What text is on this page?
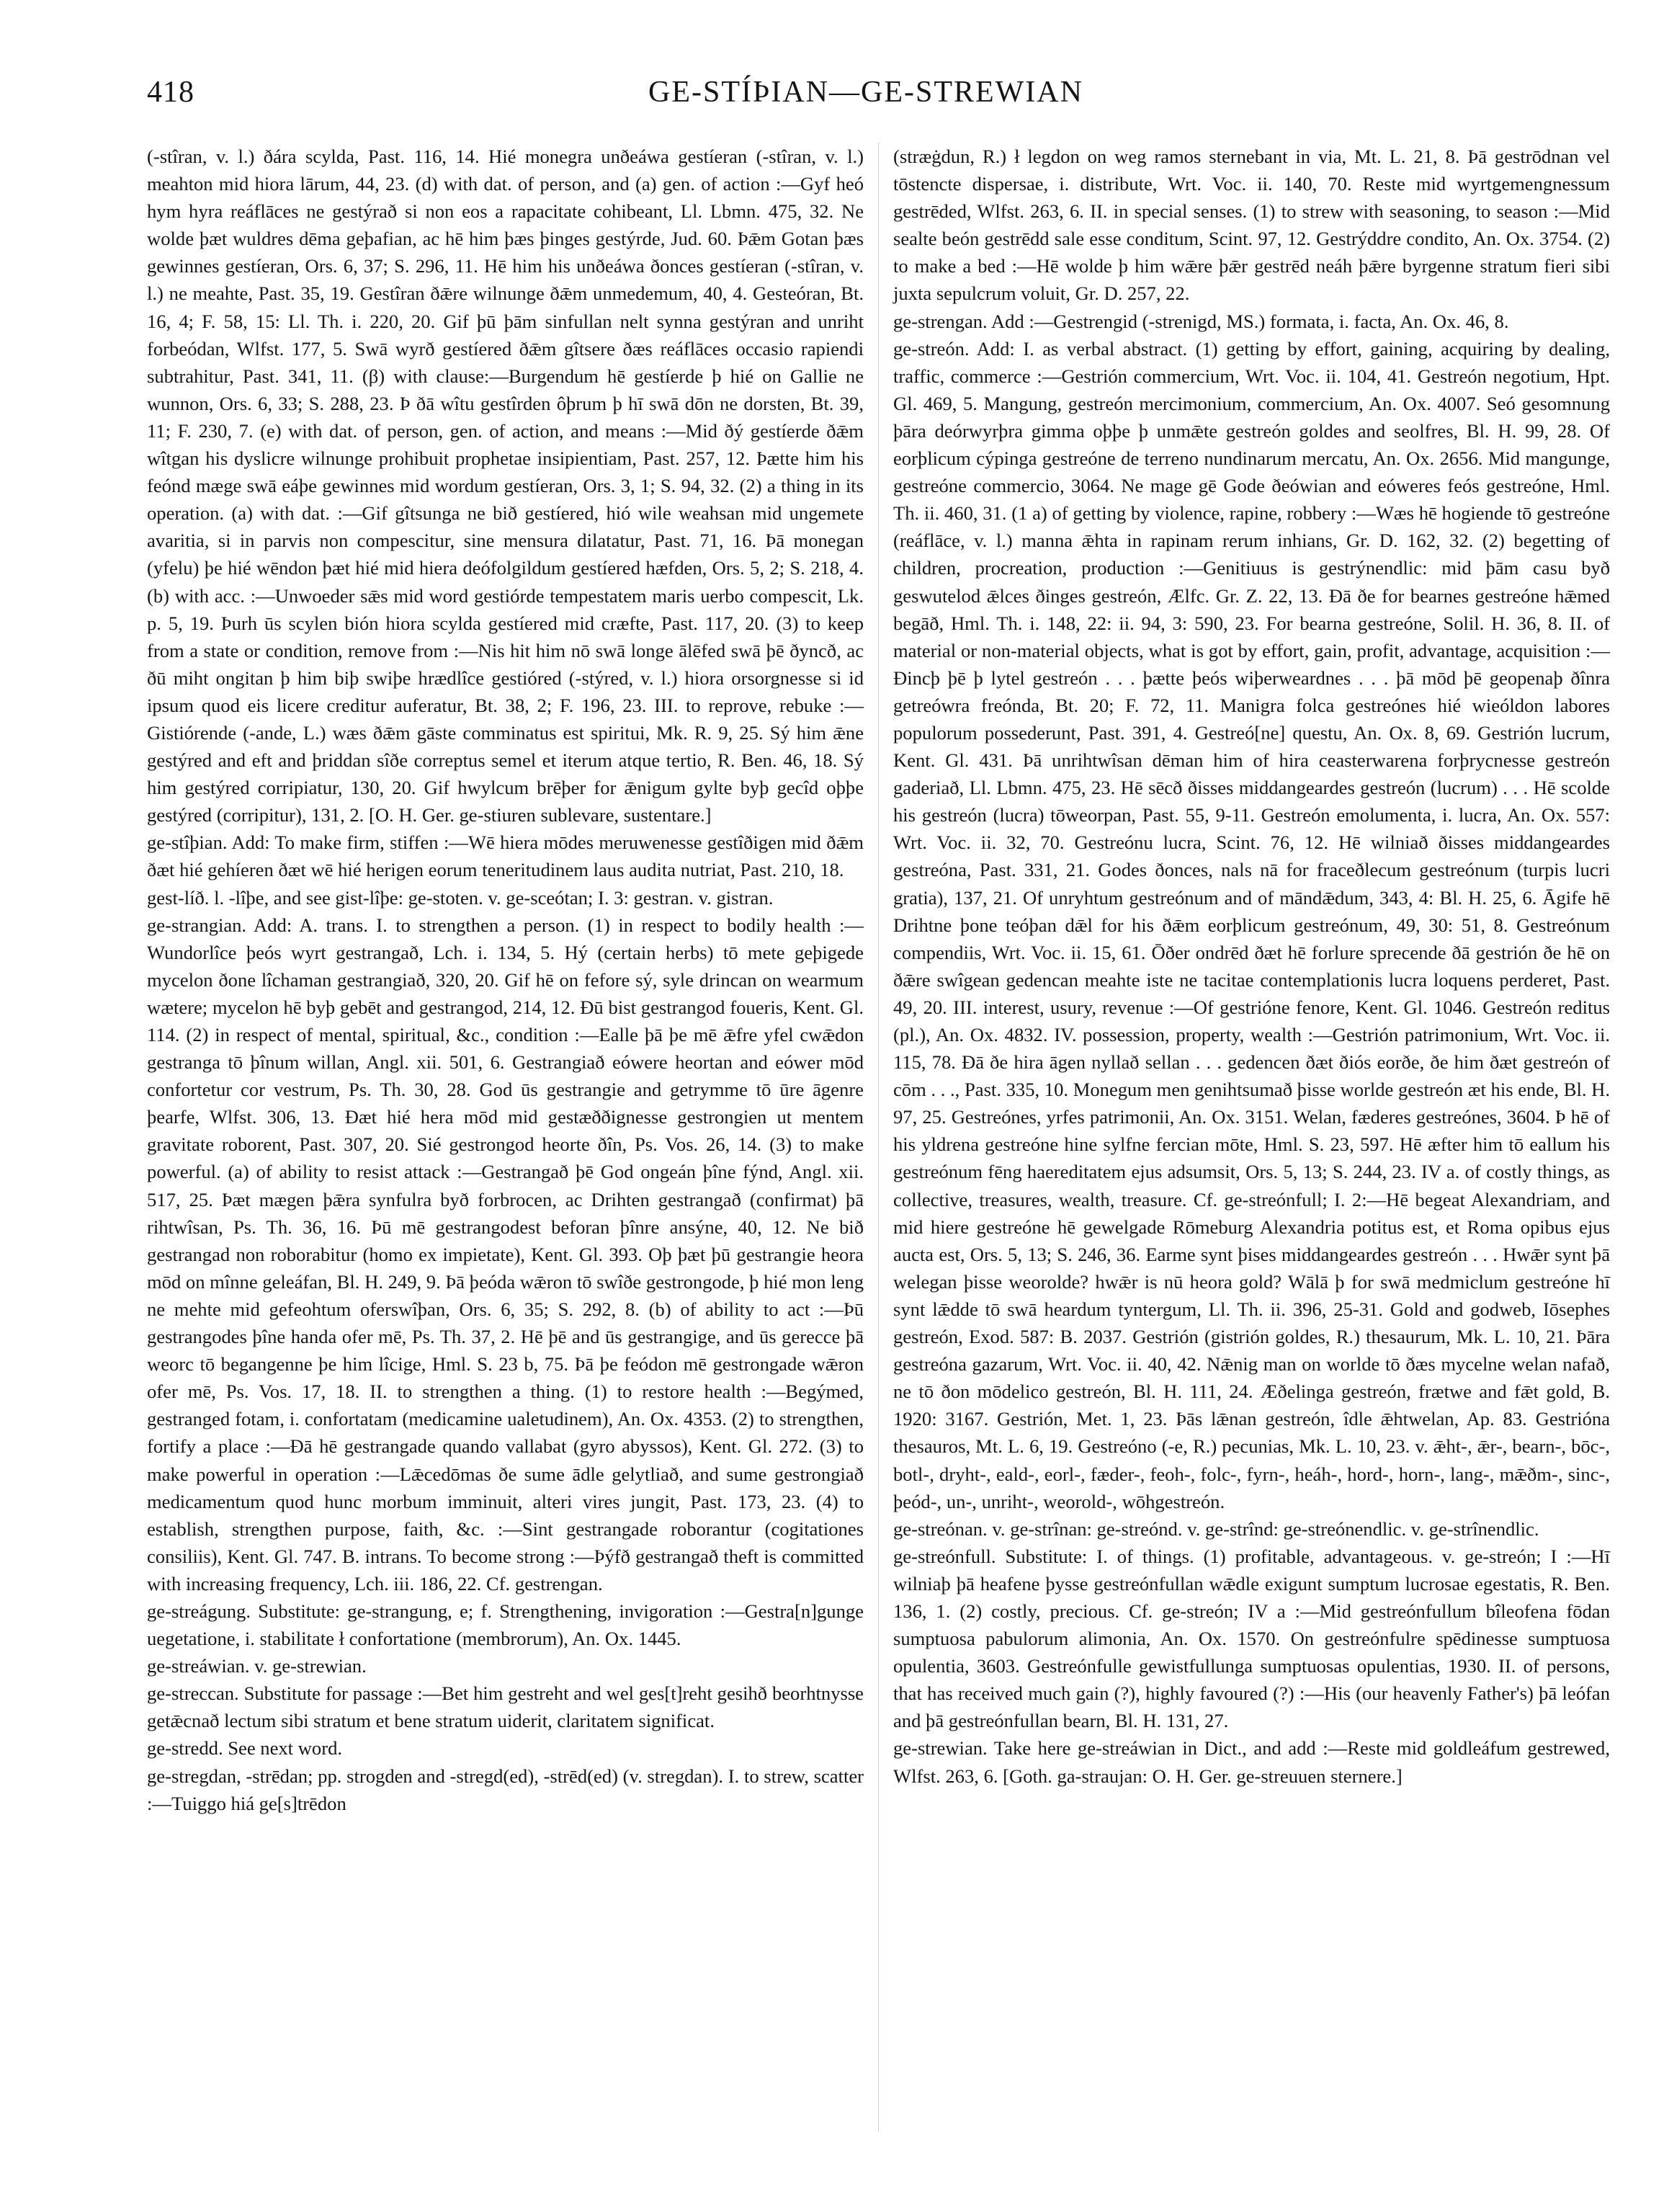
418	GE-STÍÞIAN—GE-STREWIAN

(-stîran, v. l.) ðára scylda, Past. 116, 14. Hié monegra unðeáwa gestíeran (-stîran, v. l.) meahton mid hiora lārum, 44, 23. (d) with dat. of person, and (a) gen. of action :—Gyf heó hym hyra reáflāces ne gestýrað si non eos a rapacitate cohibeant, Ll. Lbmn. 475, 32. Ne wolde þæt wuldres dēma geþafian, ac hē him þæs þinges gestýrde, Jud. 60. Þǣm Gotan þæs gewinnes gestíeran, Ors. 6, 37; S. 296, 11. Hē him his unðeáwa ðonces gestíeran (-stîran, v. l.) ne meahte, Past. 35, 19. Gestîran ðǣre wilnunge ðǣm unmedemum, 40, 4. Gesteóran, Bt. 16, 4; F. 58, 15: Ll. Th. i. 220, 20. Gif þū þām sinfullan nelt synna gestýran and unriht forbeódan, Wlfst. 177, 5. Swā wyrð gestíered ðǣm gîtsere ðæs reáflāces occasio rapiendi subtrahitur, Past. 341, 11. (β) with clause:—Burgendum hē gestíerde þ hié on Gallie ne wunnon, Ors. 6, 33; S. 288, 23. Þ ðā wîtu gestîrden ôþrum þ hī swā dōn ne dorsten, Bt. 39, 11; F. 230, 7. (e) with dat. of person, gen. of action, and means :—Mid ðý gestíerde ðǣm wîtgan his dyslicre wilnunge prohibuit prophetae insipientiam, Past. 257, 12. Þætte him his feónd mæge swā eáþe gewinnes mid wordum gestíeran, Ors. 3, 1; S. 94, 32. (2) a thing in its operation. (a) with dat. :—Gif gîtsunga ne bið gestíered, hió wile weahsan mid ungemete avaritia, si in parvis non compescitur, sine mensura dilatatur, Past. 71, 16. Þā monegan (yfelu) þe hié wēndon þæt hié mid hiera deófolgildum gestíered hæfden, Ors. 5, 2; S. 218, 4. (b) with acc. :—Unwoeder sǣs mid word gestiórde tempestatem maris uerbo compescit, Lk. p. 5, 19. Þurh ūs scylen bión hiora scylda gestíered mid cræfte, Past. 117, 20. (3) to keep from a state or condition, remove from :—Nis hit him nō swā longe ālēfed swā þē ðyncð, ac ðū miht ongitan þ him biþ swiþe hrædlîce gestióred (-stýred, v. l.) hiora orsorgnesse si id ipsum quod eis licere creditur auferatur, Bt. 38, 2; F. 196, 23. III. to reprove, rebuke :—Gistiórende (-ande, L.) wæs ðǣm gāste comminatus est spiritui, Mk. R. 9, 25. Sý him ǣne gestýred and eft and þriddan sîðe correptus semel et iterum atque tertio, R. Ben. 46, 18. Sý him gestýred corripiatur, 130, 20. Gif hwylcum brēþer for ǣnigum gylte byþ gecîd oþþe gestýred (corripitur), 131, 2. [O. H. Ger. ge-stiuren sublevare, sustentare.]

ge-stîþian. Add: To make firm, stiffen :—Wē hiera mōdes meruwenesse gestîðigen mid ðǣm ðæt hié gehíeren ðæt wē hié herigen eorum teneritudinem laus audita nutriat, Past. 210, 18.

gest-líð. l. -lîþe, and see gist-lîþe: ge-stoten. v. ge-sceótan; I. 3: gestran. v. gistran.

ge-strangian. Add: A. trans. I. to strengthen a person. (1) in respect to bodily health :—Wundorlîce þeós wyrt gestrangað, Lch. i. 134, 5. Hý (certain herbs) tō mete geþigede mycelon ðone lîchaman gestrangiað, 320, 20. Gif hē on fefore sý, syle drincan on wearmum wætere; mycelon hē byþ gebēt and gestrangod, 214, 12. Ðū bist gestrangod foueris, Kent. Gl. 114. (2) in respect of mental, spiritual, &c., condition :—Ealle þā þe mē ǣfre yfel cwǣdon gestranga tō þînum willan, Angl. xii. 501, 6. Gestrangiað eówere heortan and eówer mōd confortetur cor vestrum, Ps. Th. 30, 28. God ūs gestrangie and getrymme tō ūre āgenre þearfe, Wlfst. 306, 13. Ðæt hié hera mōd mid gestæððignesse gestrongien ut mentem gravitate roborent, Past. 307, 20. Sié gestrongod heorte ðîn, Ps. Vos. 26, 14. (3) to make powerful. (a) of ability to resist attack :—Gestrangað þē God ongeán þîne fýnd, Angl. xii. 517, 25. Þæt mægen þǣra synfulra byð forbrocen, ac Drihten gestrangað (confirmat) þā rihtwîsan, Ps. Th. 36, 16. Þū mē gestrangodest beforan þînre ansýne, 40, 12. Ne bið gestrangad non roborabitur (homo ex impietate), Kent. Gl. 393. Oþ þæt þū gestrangie heora mōd on mînne geleáfan, Bl. H. 249, 9. Þā þeóda wǣron tō swîðe gestrongode, þ hié mon leng ne mehte mid gefeohtum oferswîþan, Ors. 6, 35; S. 292, 8. (b) of ability to act :—Þū gestrangodes þîne handa ofer mē, Ps. Th. 37, 2. Hē þē and ūs gestrangige, and ūs gerecce þā weorc tō begangenne þe him lîcige, Hml. S. 23 b, 75. Þā þe feódon mē gestrongade wǣron ofer mē, Ps. Vos. 17, 18. II. to strengthen a thing. (1) to restore health :—Begýmed, gestranged fotam, i. confortatam (medicamine ualetudinem), An. Ox. 4353. (2) to strengthen, fortify a place :—Ðā hē gestrangade quando vallabat (gyro abyssos), Kent. Gl. 272. (3) to make powerful in operation :—Lǣcedōmas ðe sume ādle gelytliað, and sume gestrongiað medicamentum quod hunc morbum imminuit, alteri vires jungit, Past. 173, 23. (4) to establish, strengthen purpose, faith, &c. :—Sint gestrangade roborantur (cogitationes consiliis), Kent. Gl. 747. B. intrans. To become strong :—Þýfð gestrangað theft is committed with increasing frequency, Lch. iii. 186, 22. Cf. gestrengan.

ge-streágung. Substitute: ge-strangung, e; f. Strengthening, invigoration :—Gestra[n]gunge uegetatione, i. stabilitate ł confortatione (membrorum), An. Ox. 1445.

ge-streáwian. v. ge-strewian.

ge-streccan. Substitute for passage :—Bet him gestreht and wel ges[t]reht gesihð beorhtnysse getǣcnað lectum sibi stratum et bene stratum uiderit, claritatem significat.

ge-stredd. See next word.

ge-stregdan, -strēdan; pp. strogden and -stregd(ed), -strēd(ed) (v. stregdan). I. to strew, scatter :—Tuiggo hiá ge[s]trēdon

(stræġdun, R.) ł legdon on weg ramos sternebant in via, Mt. L. 21, 8. Þā gestrōdnan vel tōstencte dispersae, i. distribute, Wrt. Voc. ii. 140, 70. Reste mid wyrtgemengnessum gestrēded, Wlfst. 263, 6. II. in special senses. (1) to strew with seasoning, to season :—Mid sealte beón gestrēdd sale esse conditum, Scint. 97, 12. Gestrýddre condito, An. Ox. 3754. (2) to make a bed :—Hē wolde þ him wǣre þǣr gestrēd neáh þǣre byrgenne stratum fieri sibi juxta sepulcrum voluit, Gr. D. 257, 22.

ge-strengan. Add :—Gestrengid (-strenigd, MS.) formata, i. facta, An. Ox. 46, 8.

ge-streón. Add: I. as verbal abstract. (1) getting by effort, gaining, acquiring by dealing, traffic, commerce :—Gestrión commercium, Wrt. Voc. ii. 104, 41. Gestreón negotium, Hpt. Gl. 469, 5. Mangung, gestreón mercimonium, commercium, An. Ox. 4007. Seó gesomnung þāra deórwyrþra gimma oþþe þ unmǣte gestreón goldes and seolfres, Bl. H. 99, 28. Of eorþlicum cýpinga gestreóne de terreno nundinarum mercatu, An. Ox. 2656. Mid mangunge, gestreóne commercio, 3064. Ne mage gē Gode ðeówian and eóweres feós gestreóne, Hml. Th. ii. 460, 31. (1 a) of getting by violence, rapine, robbery :—Wæs hē hogiende tō gestreóne (reáflāce, v. l.) manna ǣhta in rapinam rerum inhians, Gr. D. 162, 32. (2) begetting of children, procreation, production :—Genitiuus is gestrýnendlic: mid þām casu byð geswutelod ǣlces ðinges gestreón, Ælfc. Gr. Z. 22, 13. Ðā ðe for bearnes gestreóne hǣmed begāð, Hml. Th. i. 148, 22: ii. 94, 3: 590, 23. For bearna gestreóne, Solil. H. 36, 8. II. of material or non-material objects, what is got by effort, gain, profit, advantage, acquisition :—Ðincþ þē þ lytel gestreón . . . þætte þeós wiþerweardnes . . . þā mōd þē geopenaþ ðînra getreówra freónda, Bt. 20; F. 72, 11. Manigra folca gestreónes hié wieóldon labores populorum possederunt, Past. 391, 4. Gestreó[ne] questu, An. Ox. 8, 69. Gestrión lucrum, Kent. Gl. 431. Þā unrihtwîsan dēman him of hira ceasterwarena forþrycnesse gestreón gaderiað, Ll. Lbmn. 475, 23. Hē sēcð ðisses middangeardes gestreón (lucrum) . . . Hē scolde his gestreón (lucra) tōweorpan, Past. 55, 9-11. Gestreón emolumenta, i. lucra, An. Ox. 557: Wrt. Voc. ii. 32, 70. Gestreónu lucra, Scint. 76, 12. Hē wilniað ðisses middangeardes gestreóna, Past. 331, 21. Godes ðonces, nals nā for fraceðlecum gestreónum (turpis lucri gratia), 137, 21. Of unryhtum gestreónum and of māndǣdum, 343, 4: Bl. H. 25, 6. Āgife hē Drihtne þone teóþan dǣl for his ðǣm eorþlicum gestreónum, 49, 30: 51, 8. Gestreónum compendiis, Wrt. Voc. ii. 15, 61. Ōðer ondrēd ðæt hē forlure sprecende ðā gestrión ðe hē on ðǣre swîgean gedencan meahte iste ne tacitae contemplationis lucra loquens perderet, Past. 49, 20. III. interest, usury, revenue :—Of gestrióne fenore, Kent. Gl. 1046. Gestreón reditus (pl.), An. Ox. 4832. IV. possession, property, wealth :—Gestrión patrimonium, Wrt. Voc. ii. 115, 78. Ðā ðe hira āgen nyllað sellan . . . gedencen ðæt ðiós eorðe, ðe him ðæt gestreón of cōm . . ., Past. 335, 10. Monegum men genihtsumað þisse worlde gestreón æt his ende, Bl. H. 97, 25. Gestreónes, yrfes patrimonii, An. Ox. 3151. Welan, fæderes gestreónes, 3604. Þ hē of his yldrena gestreóne hine sylfne fercian mōte, Hml. S. 23, 597. Hē æfter him tō eallum his gestreónum fēng haereditatem ejus adsumsit, Ors. 5, 13; S. 244, 23. IV a. of costly things, as collective, treasures, wealth, treasure. Cf. ge-streónfull; I. 2:—Hē begeat Alexandriam, and mid hiere gestreóne hē gewelgade Rōmeburg Alexandria potitus est, et Roma opibus ejus aucta est, Ors. 5, 13; S. 246, 36. Earme synt þises middangeardes gestreón . . . Hwǣr synt þā welegan þisse weorolde? hwǣr is nū heora gold? Wālā þ for swā medmiclum gestreóne hī synt lǣdde tō swā heardum tyntergum, Ll. Th. ii. 396, 25-31. Gold and godweb, Iōsephes gestreón, Exod. 587: B. 2037. Gestrión (gistrión goldes, R.) thesaurum, Mk. L. 10, 21. Þāra gestreóna gazarum, Wrt. Voc. ii. 40, 42. Nǣnig man on worlde tō ðæs mycelne welan nafað, ne tō ðon mōdelico gestreón, Bl. H. 111, 24. Æðelinga gestreón, frætwe and fǣt gold, B. 1920: 3167. Gestrión, Met. 1, 23. Þās lǣnan gestreón, îdle ǣhtwelan, Ap. 83. Gestrióna thesauros, Mt. L. 6, 19. Gestreóno (-e, R.) pecunias, Mk. L. 10, 23. v. ǣht-, ǣr-, bearn-, bōc-, botl-, dryht-, eald-, eorl-, fæder-, feoh-, folc-, fyrn-, heáh-, hord-, horn-, lang-, mǣðm-, sinc-, þeód-, un-, unriht-, weorold-, wōhgestreón.

ge-streónan. v. ge-strînan: ge-streónd. v. ge-strînd: ge-streónendlic. v. ge-strînendlic.

ge-streónfull. Substitute: I. of things. (1) profitable, advantageous. v. ge-streón; I :—Hī wilniaþ þā heafene þysse gestreónfullan wǣdle exigunt sumptum lucrosae egestatis, R. Ben. 136, 1. (2) costly, precious. Cf. ge-streón; IV a :—Mid gestreónfullum bîleofena fōdan sumptuosa pabulorum alimonia, An. Ox. 1570. On gestreónfulre spēdinesse sumptuosa opulentia, 3603. Gestreónfulle gewistfullunga sumptuosas opulentias, 1930. II. of persons, that has received much gain (?), highly favoured (?) :—His (our heavenly Father's) þā leófan and þā gestreónfullan bearn, Bl. H. 131, 27.

ge-strewian. Take here ge-streáwian in Dict., and add :—Reste mid goldleáfum gestrewed, Wlfst. 263, 6. [Goth. ga-straujan: O. H. Ger. ge-streuuen sternere.]
